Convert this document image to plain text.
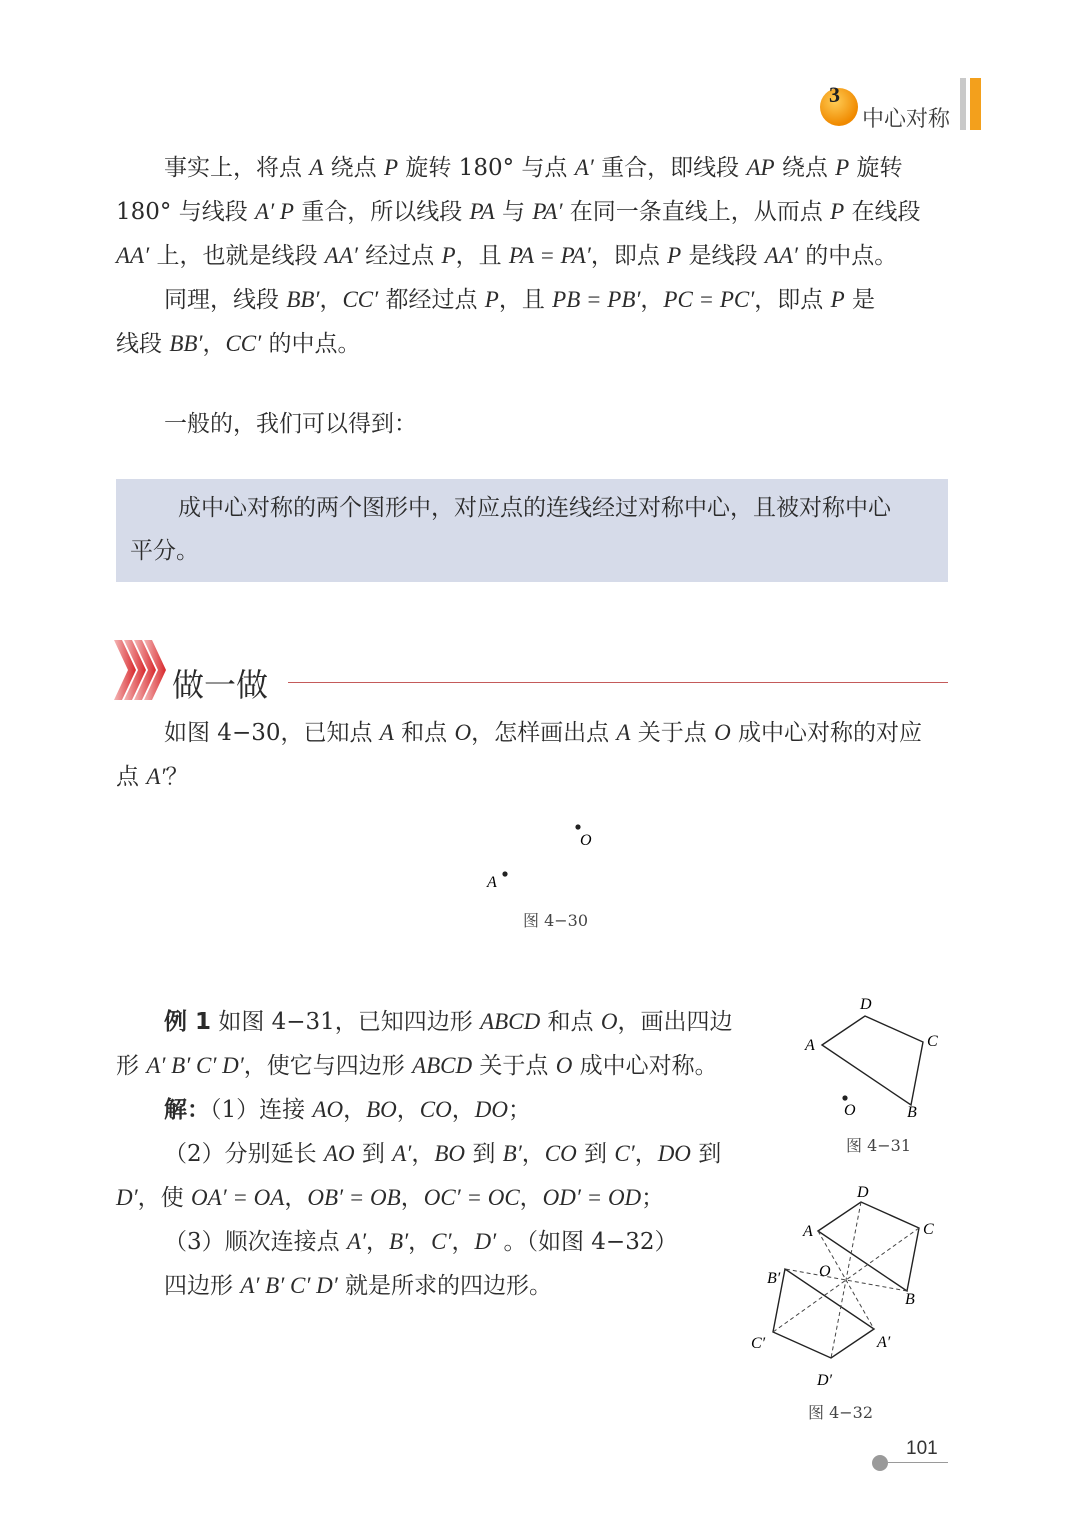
3
中心对称
事实上，将点 A 绕点 P 旋转 180° 与点 A′ 重合，即线段 AP 绕点 P 旋转
180° 与线段 A′ P 重合，所以线段 PA 与 PA′ 在同一条直线上，从而点 P 在线段
AA′ 上，也就是线段 AA′ 经过点 P，且 PA = PA′，即点 P 是线段 AA′ 的中点。
同理，线段 BB′，CC′ 都经过点 P，且 PB = PB′，PC = PC′，即点 P 是
线段 BB′，CC′ 的中点。
一般的，我们可以得到：
成中心对称的两个图形中，对应点的连线经过对称中心，且被对称中心
平分。
做一做
如图 4−30，已知点 A 和点 O，怎样画出点 A 关于点 O 成中心对称的对应
点 A′？
O
A
图 4−30
例 1 如图 4−31，已知四边形 ABCD 和点 O，画出四边
形 A′ B′ C′ D′，使它与四边形 ABCD 关于点 O 成中心对称。
解：（1）连接 AO，BO，CO，DO；
（2）分别延长 AO 到 A′，BO 到 B′，CO 到 C′，DO 到
D′，使 OA′ = OA，OB′ = OB，OC′ = OC，OD′ = OD；
（3）顺次连接点 A′，B′，C′，D′ 。（如图 4−32）
四边形 A′ B′ C′ D′ 就是所求的四边形。
A
D
C
B
O
图 4−31
A
D
C
B
O
B′
A′
C′
D′
图 4−32
101
